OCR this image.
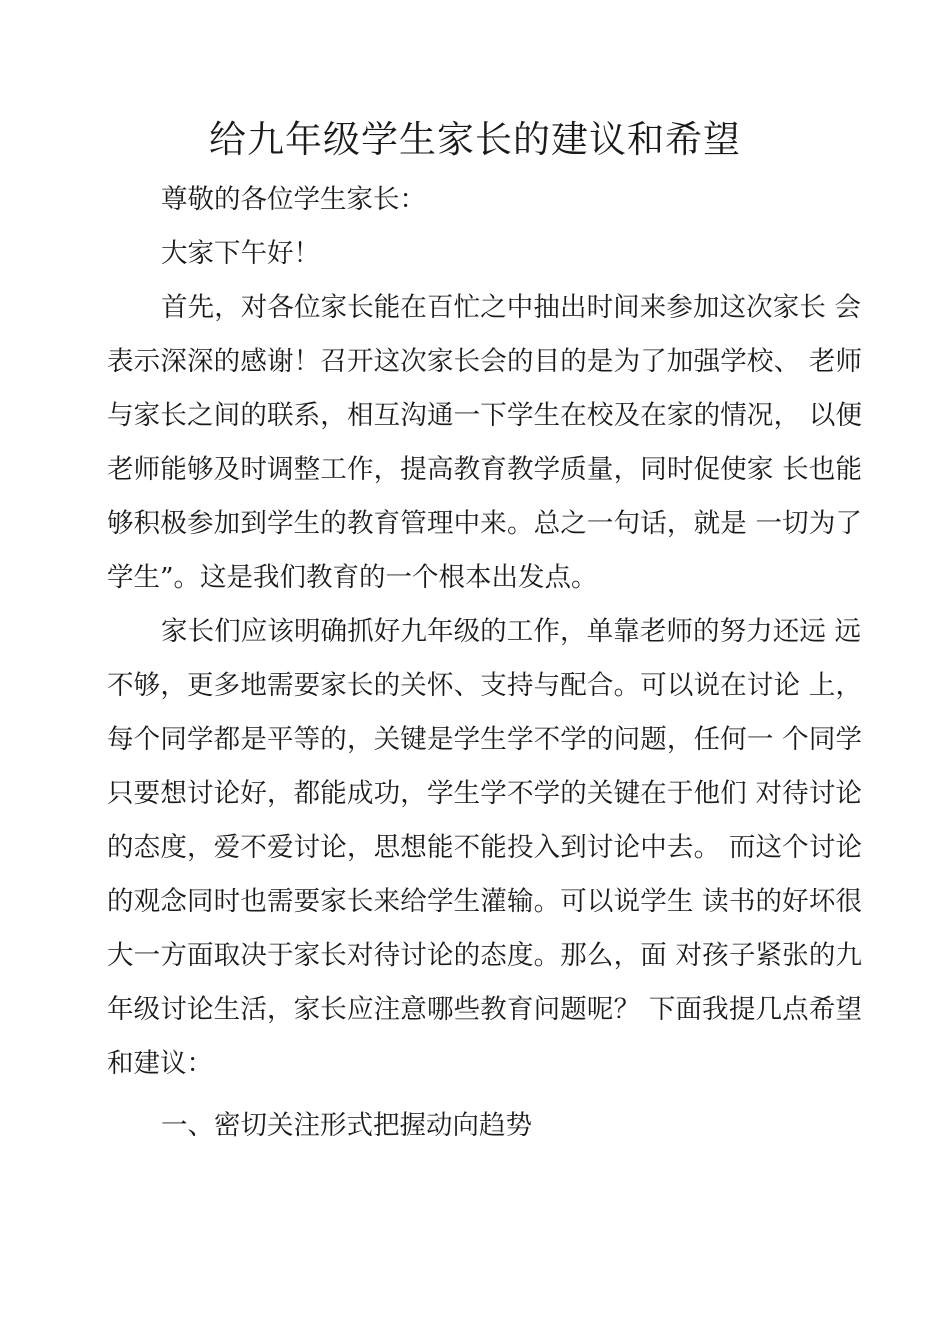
给九年级学生家长的建议和希望
尊敬的各位学生家长：
大家下午好！
首先，对各位家长能在百忙之中抽出时间来参加这次家长 会
表示深深的感谢！召开这次家长会的目的是为了加强学校、 老师
与家长之间的联系，相互沟通一下学生在校及在家的情况， 以便
老师能够及时调整工作，提高教育教学质量，同时促使家 长也能
够积极参加到学生的教育管理中来。总之一句话，就是 一切为了
学生”。这是我们教育的一个根本出发点。
家长们应该明确抓好九年级的工作，单靠老师的努力还远 远
不够，更多地需要家长的关怀、支持与配合。可以说在讨论 上，
每个同学都是平等的，关键是学生学不学的问题，任何一 个同学
只要想讨论好，都能成功，学生学不学的关键在于他们 对待讨论
的态度，爱不爱讨论，思想能不能投入到讨论中去。 而这个讨论
的观念同时也需要家长来给学生灌输。可以说学生 读书的好坏很
大一方面取决于家长对待讨论的态度。那么，面 对孩子紧张的九
年级讨论生活，家长应注意哪些教育问题呢？ 下面我提几点希望
和建议：
一、密切关注形式把握动向趋势
